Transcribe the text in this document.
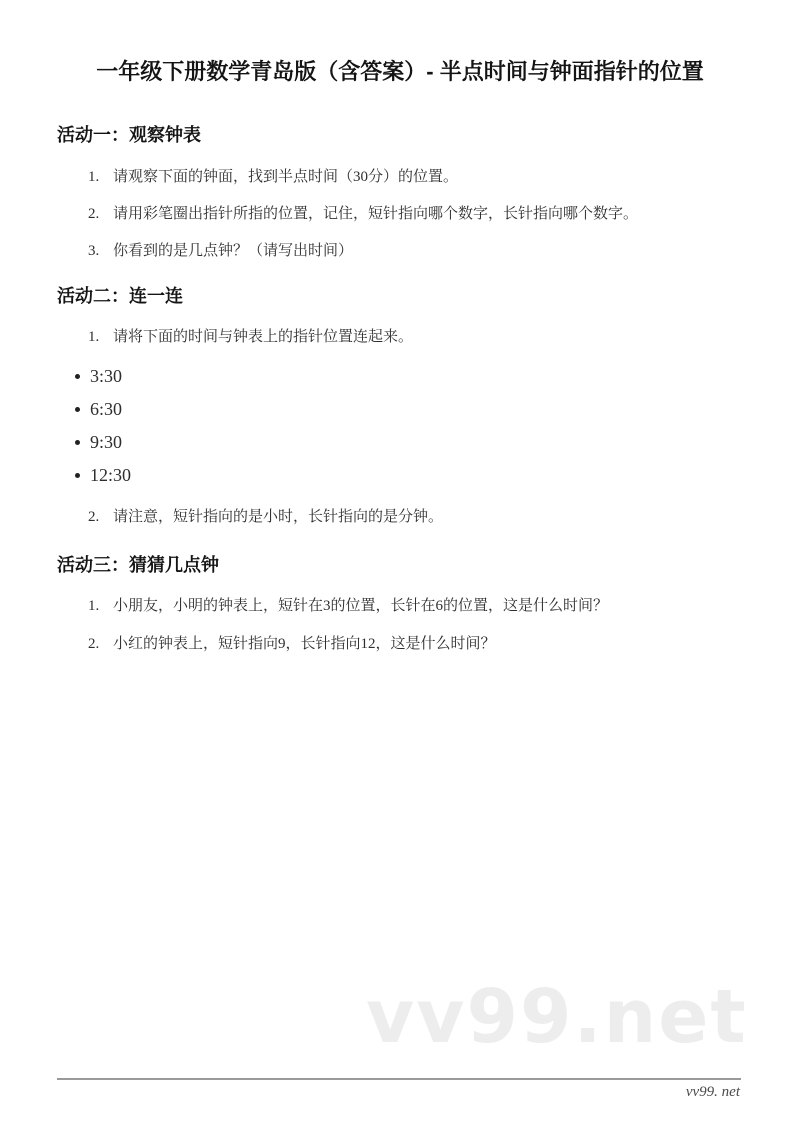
一年级下册数学青岛版（含答案）- 半点时间与钟面指针的位置
活动一：观察钟表
1. 请观察下面的钟面，找到半点时间（30分）的位置。
2. 请用彩笔圈出指针所指的位置，记住，短针指向哪个数字，长针指向哪个数字。
3. 你看到的是几点钟？（请写出时间）
活动二：连一连
1. 请将下面的时间与钟表上的指针位置连起来。
3:30
6:30
9:30
12:30
2. 请注意，短针指向的是小时，长针指向的是分钟。
活动三：猜猜几点钟
1. 小朋友，小明的钟表上，短针在3的位置，长针在6的位置，这是什么时间？
2. 小红的钟表上，短针指向9，长针指向12，这是什么时间？
vv99.net
vv99. net
